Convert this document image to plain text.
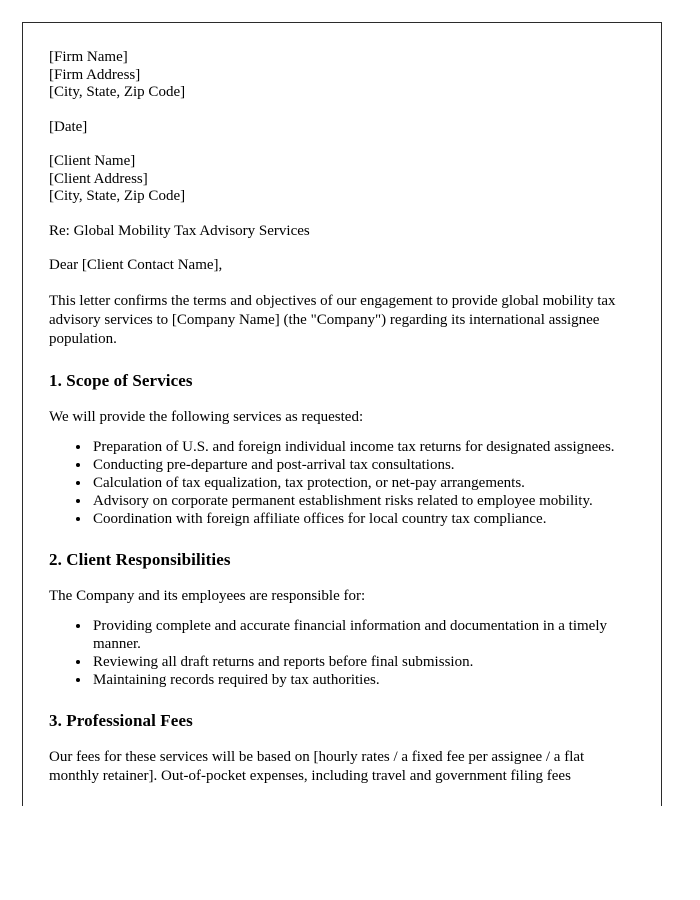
[Firm Name]
[Firm Address]
[City, State, Zip Code]
[Date]
[Client Name]
[Client Address]
[City, State, Zip Code]

Re: Global Mobility Tax Advisory Services

Dear [Client Contact Name],

This letter confirms the terms and objectives of our engagement to provide global mobility tax advisory services to [Company Name] (the "Company") regarding its international assignee population.

1. Scope of Services

We will provide the following services as requested:

• Preparation of U.S. and foreign individual income tax returns for designated assignees.
• Conducting pre-departure and post-arrival tax consultations.
• Calculation of tax equalization, tax protection, or net-pay arrangements.
• Advisory on corporate permanent establishment risks related to employee mobility.
• Coordination with foreign affiliate offices for local country tax compliance.
2. Client Responsibilities

The Company and its employees are responsible for:

• Providing complete and accurate financial information and documentation in a timely manner.
• Reviewing all draft returns and reports before final submission.
• Maintaining records required by tax authorities.
3. Professional Fees

Our fees for these services will be based on [hourly rates / a fixed fee per assignee / a flat monthly retainer]. Out-of-pocket expenses, including travel and government filing fees
